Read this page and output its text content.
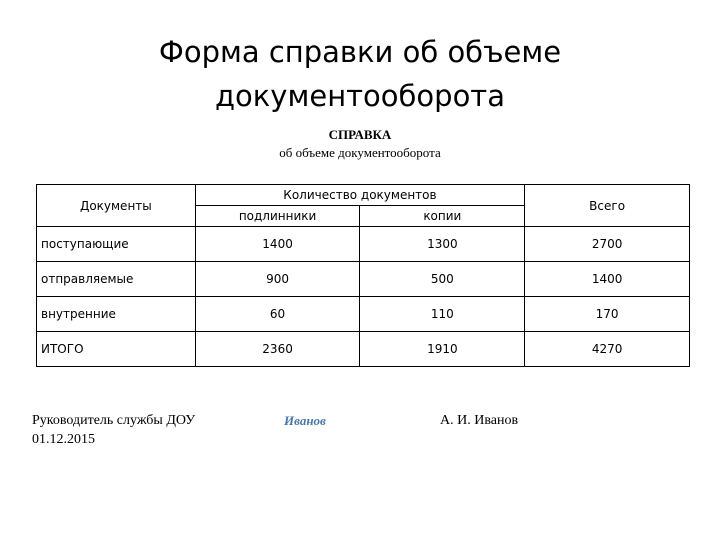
Форма справки об объеме
документооборота
СПРАВКА
об объеме документооборота
Документы	Количество документов		Всего
	подлинники	копии	
поступающие	1400	1300	2700
отправляемые	900	500	1400
внутренние	60	110	170
ИТОГО	2360	1910	4270
Руководитель службы ДОУ	Иванов	А. И. Иванов
01.12.2015
